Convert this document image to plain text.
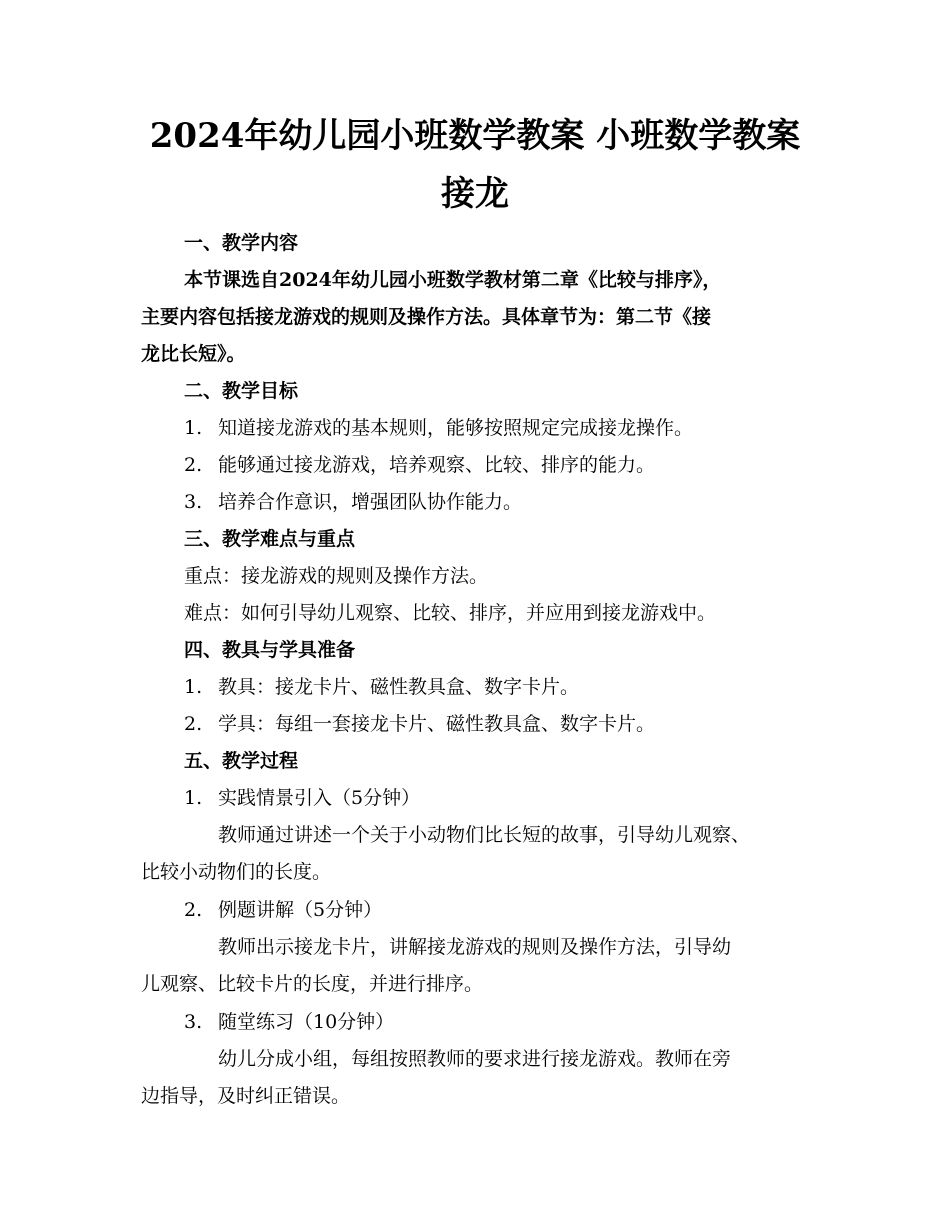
2024年幼儿园小班数学教案 小班数学教案
接龙
一、教学内容
本节课选自2024年幼儿园小班数学教材第二章《比较与排序》，
主要内容包括接龙游戏的规则及操作方法。具体章节为：第二节《接
龙比长短》。
二、教学目标
1. 知道接龙游戏的基本规则，能够按照规定完成接龙操作。
2. 能够通过接龙游戏，培养观察、比较、排序的能力。
3. 培养合作意识，增强团队协作能力。
三、教学难点与重点
重点：接龙游戏的规则及操作方法。
难点：如何引导幼儿观察、比较、排序，并应用到接龙游戏中。
四、教具与学具准备
1. 教具：接龙卡片、磁性教具盒、数字卡片。
2. 学具：每组一套接龙卡片、磁性教具盒、数字卡片。
五、教学过程
1. 实践情景引入（5分钟）
教师通过讲述一个关于小动物们比长短的故事，引导幼儿观察、
比较小动物们的长度。
2. 例题讲解（5分钟）
教师出示接龙卡片，讲解接龙游戏的规则及操作方法，引导幼
儿观察、比较卡片的长度，并进行排序。
3. 随堂练习（10分钟）
幼儿分成小组，每组按照教师的要求进行接龙游戏。教师在旁
边指导，及时纠正错误。
